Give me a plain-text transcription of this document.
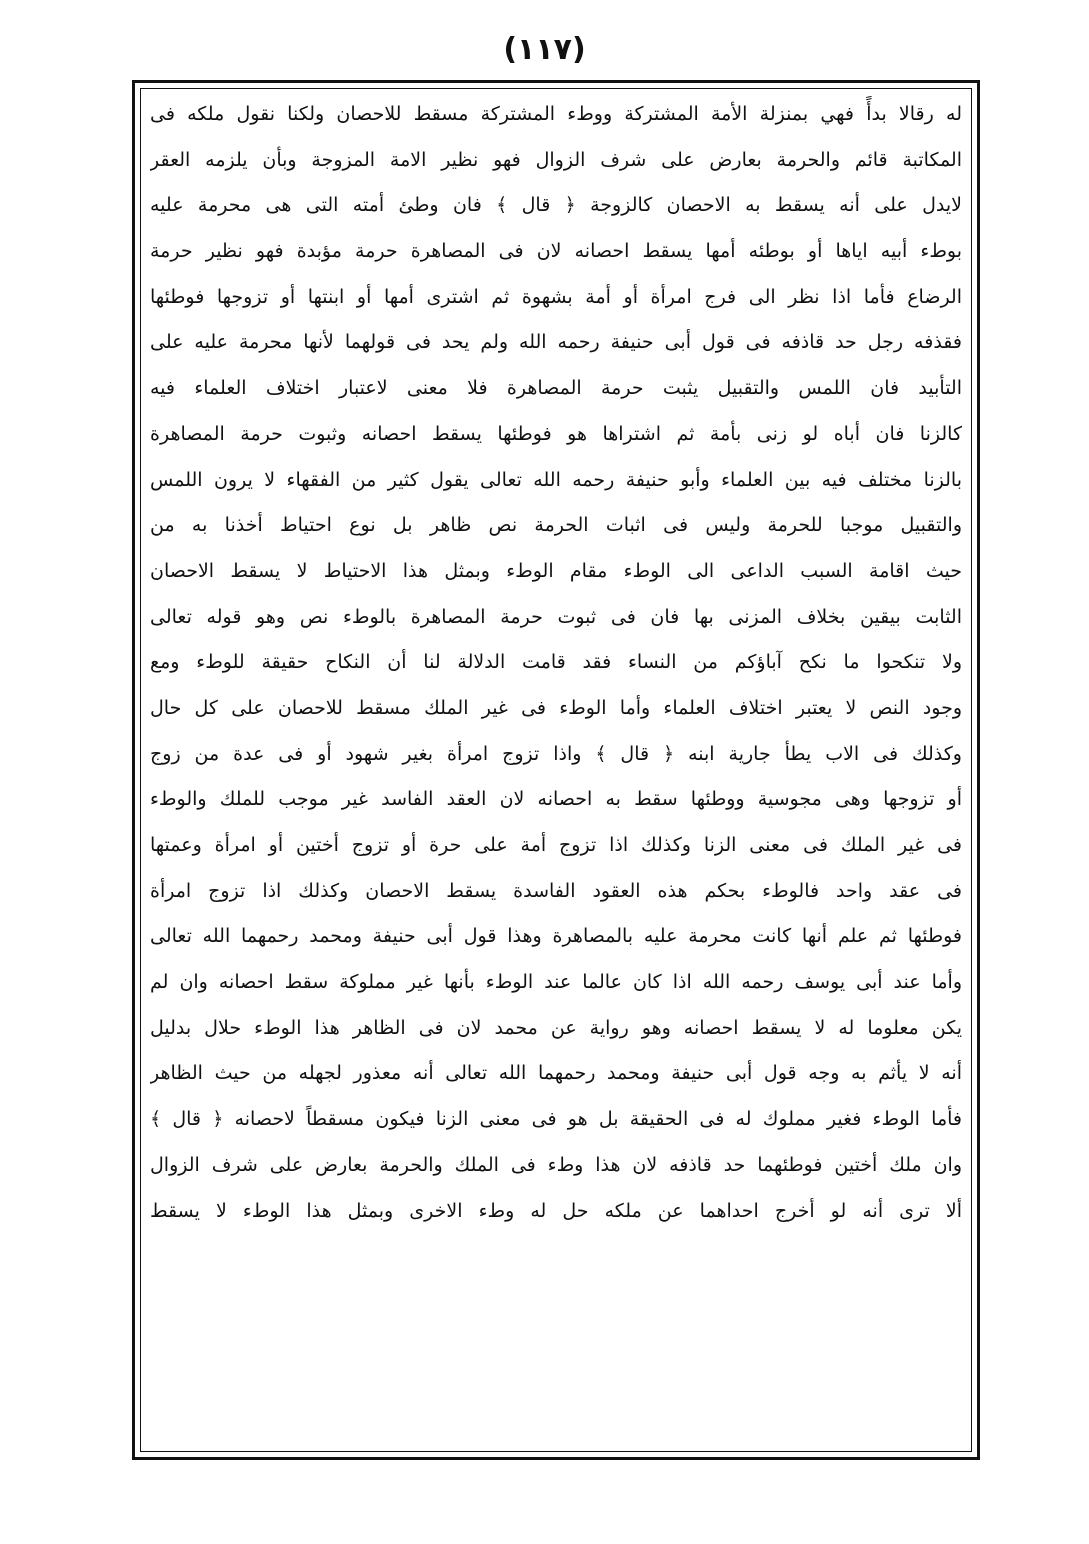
(١١٧)
له رقالا بدأً فهي بمنزلة الأمة المشتركة ووطء المشتركة مسقط للاحصان ولكنا نقول ملكه فى
المكاتبة قائم والحرمة بعارض على شرف الزوال فهو نظير الامة المزوجة وبأن يلزمه العقر
لايدل على أنه يسقط به الاحصان كالزوجة ﴿ قال ﴾ فان وطئ أمته التى هى محرمة عليه
بوطء أبيه اياها أو بوطئه أمها يسقط احصانه لان فى المصاهرة حرمة مؤبدة فهو نظير حرمة
الرضاع فأما اذا نظر الى فرج امرأة أو أمة بشهوة ثم اشترى أمها أو ابنتها أو تزوجها فوطئها
فقذفه رجل حد قاذفه فى قول أبى حنيفة رحمه الله ولم يحد فى قولهما لأنها محرمة عليه على
التأبيد فان اللمس والتقبيل يثبت حرمة المصاهرة فلا معنى لاعتبار اختلاف العلماء فيه
كالزنا فان أباه لو زنى بأمة ثم اشتراها هو فوطئها يسقط احصانه وثبوت حرمة المصاهرة
بالزنا مختلف فيه بين العلماء وأبو حنيفة رحمه الله تعالى يقول كثير من الفقهاء لا يرون اللمس
والتقبيل موجبا للحرمة وليس فى اثبات الحرمة نص ظاهر بل نوع احتياط أخذنا به من
حيث اقامة السبب الداعى الى الوطء مقام الوطء وبمثل هذا الاحتياط لا يسقط الاحصان
الثابت بيقين بخلاف المزنى بها فان فى ثبوت حرمة المصاهرة بالوطء نص وهو قوله تعالى
ولا تنكحوا ما نكح آباؤكم من النساء فقد قامت الدلالة لنا أن النكاح حقيقة للوطء ومع
وجود النص لا يعتبر اختلاف العلماء وأما الوطء فى غير الملك مسقط للاحصان على كل حال
وكذلك فى الاب يطأ جارية ابنه ﴿ قال ﴾ واذا تزوج امرأة بغير شهود أو فى عدة من زوج
أو تزوجها وهى مجوسية ووطئها سقط به احصانه لان العقد الفاسد غير موجب للملك والوطء
فى غير الملك فى معنى الزنا وكذلك اذا تزوج أمة على حرة أو تزوج أختين أو امرأة وعمتها
فى عقد واحد فالوطء بحكم هذه العقود الفاسدة يسقط الاحصان وكذلك اذا تزوج امرأة
فوطئها ثم علم أنها كانت محرمة عليه بالمصاهرة وهذا قول أبى حنيفة ومحمد رحمهما الله تعالى
وأما عند أبى يوسف رحمه الله اذا كان عالما عند الوطء بأنها غير مملوكة سقط احصانه وان لم
يكن معلوما له لا يسقط احصانه وهو رواية عن محمد لان فى الظاهر هذا الوطء حلال بدليل
أنه لا يأثم به وجه قول أبى حنيفة ومحمد رحمهما الله تعالى أنه معذور لجهله من حيث الظاهر
فأما الوطء فغير مملوك له فى الحقيقة بل هو فى معنى الزنا فيكون مسقطاً لاحصانه ﴿ قال ﴾
وان ملك أختين فوطئهما حد قاذفه لان هذا وطء فى الملك والحرمة بعارض على شرف الزوال
ألا ترى أنه لو أخرج احداهما عن ملكه حل له وطء الاخرى وبمثل هذا الوطء لا يسقط
